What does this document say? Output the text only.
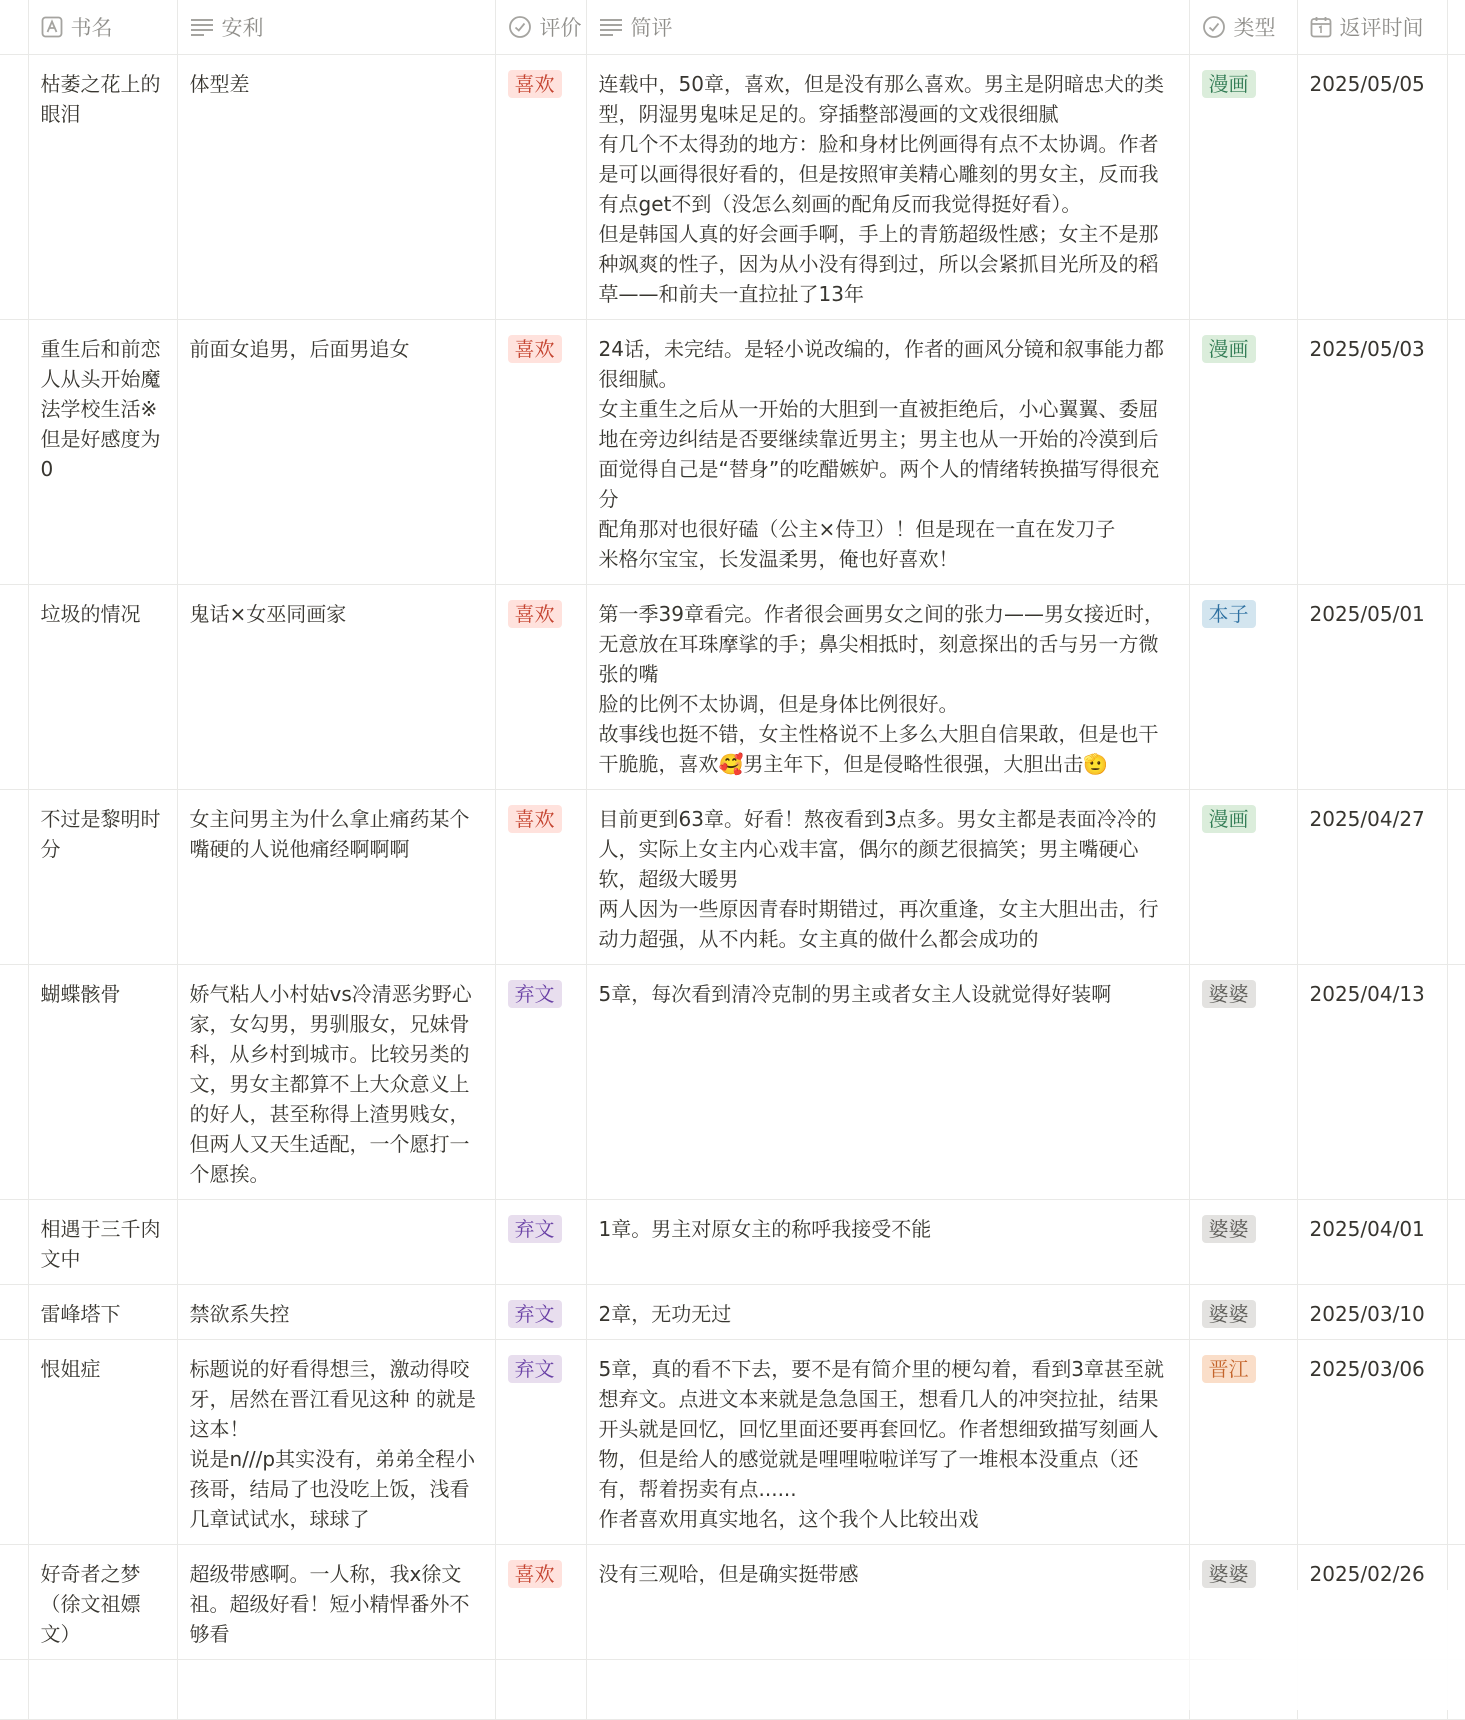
	书名	安利	评价	简评	类型	返评时间	

	枯萎之花上的眼泪	体型差	喜欢	连载中，50章，喜欢，但是没有那么喜欢。男主是阴暗忠犬的类型，阴湿男鬼味足足的。穿插整部漫画的文戏很细腻
有几个不太得劲的地方：脸和身材比例画得有点不太协调。作者是可以画得很好看的，但是按照审美精心雕刻的男女主，反而我有点get不到（没怎么刻画的配角反而我觉得挺好看）。
但是韩国人真的好会画手啊，手上的青筋超级性感；女主不是那种飒爽的性子，因为从小没有得到过，所以会紧抓目光所及的稻草——和前夫一直拉扯了13年	漫画	2025/05/05	
	重生后和前恋人从头开始魔法学校生活※但是好感度为0	前面女追男，后面男追女	喜欢	24话，未完结。是轻小说改编的，作者的画风分镜和叙事能力都很细腻。
女主重生之后从一开始的大胆到一直被拒绝后，小心翼翼、委屈地在旁边纠结是否要继续靠近男主；男主也从一开始的冷漠到后面觉得自己是“替身”的吃醋嫉妒。两个人的情绪转换描写得很充分
配角那对也很好磕（公主×侍卫）！但是现在一直在发刀子
米格尔宝宝，长发温柔男，俺也好喜欢！	漫画	2025/05/03	
	垃圾的情况	鬼话×女巫同画家	喜欢	第一季39章看完。作者很会画男女之间的张力——男女接近时，无意放在耳珠摩挲的手；鼻尖相抵时，刻意探出的舌与另一方微张的嘴
脸的比例不太协调，但是身体比例很好。
故事线也挺不错，女主性格说不上多么大胆自信果敢，但是也干干脆脆，喜欢🥰男主年下，但是侵略性很强，大胆出击🫡	本子	2025/05/01	
	不过是黎明时分	女主问男主为什么拿止痛药某个嘴硬的人说他痛经啊啊啊	喜欢	目前更到63章。好看！熬夜看到3点多。男女主都是表面冷冷的人，实际上女主内心戏丰富，偶尔的颜艺很搞笑；男主嘴硬心软，超级大暖男
两人因为一些原因青春时期错过，再次重逢，女主大胆出击，行动力超强，从不内耗。女主真的做什么都会成功的	漫画	2025/04/27	
	蝴蝶骸骨	娇气粘人小村姑vs冷清恶劣野心家，女勾男，男驯服女，兄妹骨科，从乡村到城市。比较另类的文，男女主都算不上大众意义上的好人，甚至称得上渣男贱女，但两人又天生适配，一个愿打一个愿挨。	弃文	5章，每次看到清冷克制的男主或者女主人设就觉得好装啊	婆婆	2025/04/13	
	相遇于三千肉文中		弃文	1章。男主对原女主的称呼我接受不能	婆婆	2025/04/01	
	雷峰塔下	禁欲系失控	弃文	2章，无功无过	婆婆	2025/03/10	
	恨姐症	标题说的好看得想亖，激动得咬牙，居然在晋江看见这种 的就是这本！
说是n///p其实没有，弟弟全程小孩哥，结局了也没吃上饭，浅看几章试试水，球球了	弃文	5章，真的看不下去，要不是有简介里的梗勾着，看到3章甚至就想弃文。点进文本来就是急急国王，想看几人的冲突拉扯，结果开头就是回忆，回忆里面还要再套回忆。作者想细致描写刻画人物，但是给人的感觉就是哩哩啦啦详写了一堆根本没重点（还有，帮着拐卖有点......
作者喜欢用真实地名，这个我个人比较出戏	晋江	2025/03/06	
	好奇者之梦（徐文祖嫖文）	超级带感啊。一人称，我x徐文祖。超级好看！短小精悍番外不够看	喜欢	没有三观哈，但是确实挺带感	婆婆	2025/02/26	
